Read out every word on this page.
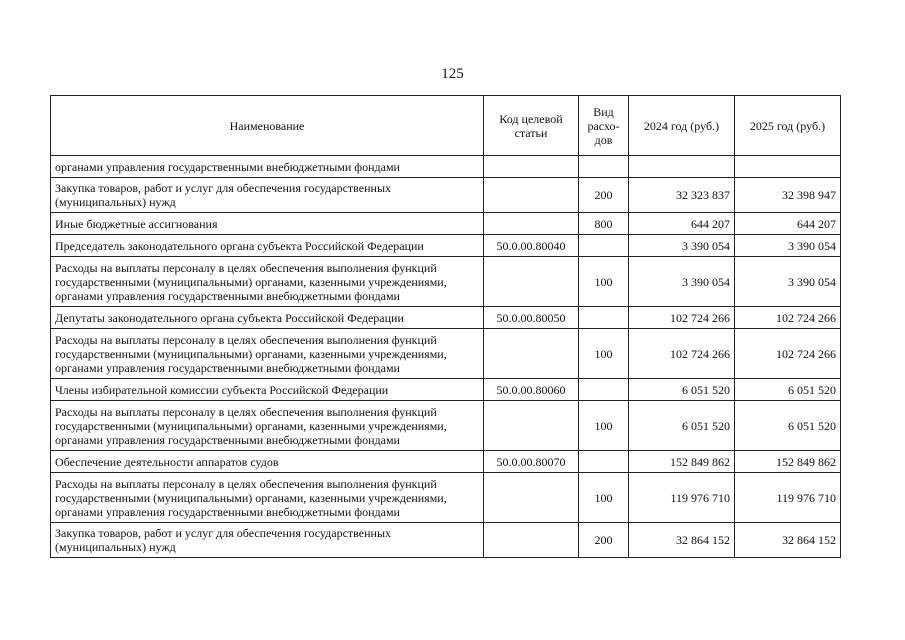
125
Наименование	Код целевой статьи	Вид расхо-дов	2024 год (руб.)	2025 год (руб.)
органами управления государственными внебюджетными фондами				
Закупка товаров, работ и услуг для обеспечения государственных (муниципальных) нужд		200	32 323 837	32 398 947
Иные бюджетные ассигнования		800	644 207	644 207
Председатель законодательного органа субъекта Российской Федерации	50.0.00.80040		3 390 054	3 390 054
Расходы на выплаты персоналу в целях обеспечения выполнения функций государственными (муниципальными) органами, казенными учреждениями, органами управления государственными внебюджетными фондами		100	3 390 054	3 390 054
Депутаты законодательного органа субъекта Российской Федерации	50.0.00.80050		102 724 266	102 724 266
Расходы на выплаты персоналу в целях обеспечения выполнения функций государственными (муниципальными) органами, казенными учреждениями, органами управления государственными внебюджетными фондами		100	102 724 266	102 724 266
Члены избирательной комиссии субъекта Российской Федерации	50.0.00.80060		6 051 520	6 051 520
Расходы на выплаты персоналу в целях обеспечения выполнения функций государственными (муниципальными) органами, казенными учреждениями, органами управления государственными внебюджетными фондами		100	6 051 520	6 051 520
Обеспечение деятельности аппаратов судов	50.0.00.80070		152 849 862	152 849 862
Расходы на выплаты персоналу в целях обеспечения выполнения функций государственными (муниципальными) органами, казенными учреждениями, органами управления государственными внебюджетными фондами		100	119 976 710	119 976 710
Закупка товаров, работ и услуг для обеспечения государственных (муниципальных) нужд		200	32 864 152	32 864 152
